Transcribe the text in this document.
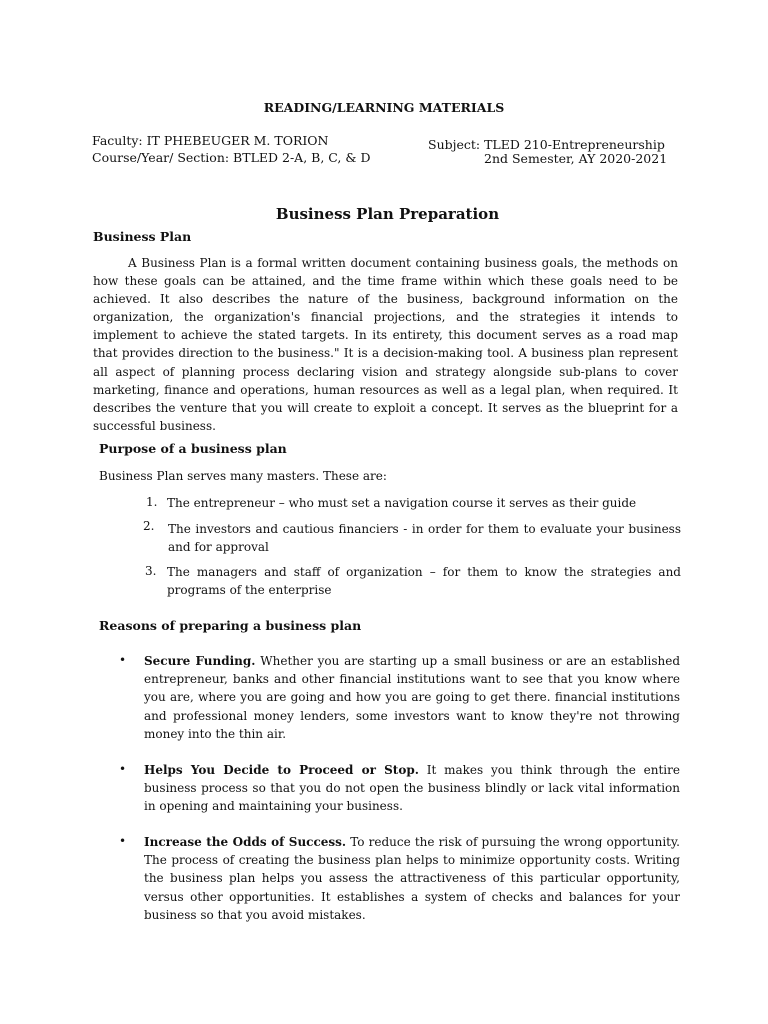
READING/LEARNING MATERIALS
Faculty: IT PHEBEUGER M. TORION
Course/Year/ Section: BTLED 2-A, B, C, & D
Subject: TLED 210-Entrepreneurship
2nd Semester, AY 2020-2021
Business Plan Preparation
Business Plan
A Business Plan is a formal written document containing business goals, the methods on how these goals can be attained, and the time frame within which these goals need to be achieved. It also describes the nature of the business, background information on the organization, the organization's financial projections, and the strategies it intends to implement to achieve the stated targets. In its entirety, this document serves as a road map that provides direction to the business." It is a decision-making tool. A business plan represent all aspect of planning process declaring vision and strategy alongside sub-plans to cover marketing, finance and operations, human resources as well as a legal plan, when required. It describes the venture that you will create to exploit a concept. It serves as the blueprint for a successful business.
Purpose of a business plan
Business Plan serves many masters. These are:
1. The entrepreneur – who must set a navigation course it serves as their guide
2. The investors and cautious financiers - in order for them to evaluate your business and for approval
3. The managers and staff of organization – for them to know the strategies and programs of the enterprise
Reasons of preparing a business plan
• Secure Funding. Whether you are starting up a small business or are an established entrepreneur, banks and other financial institutions want to see that you know where you are, where you are going and how you are going to get there. financial institutions and professional money lenders, some investors want to know they're not throwing money into the thin air.
• Helps You Decide to Proceed or Stop. It makes you think through the entire business process so that you do not open the business blindly or lack vital information in opening and maintaining your business.
• Increase the Odds of Success. To reduce the risk of pursuing the wrong opportunity. The process of creating the business plan helps to minimize opportunity costs. Writing the business plan helps you assess the attractiveness of this particular opportunity, versus other opportunities. It establishes a system of checks and balances for your business so that you avoid mistakes.
